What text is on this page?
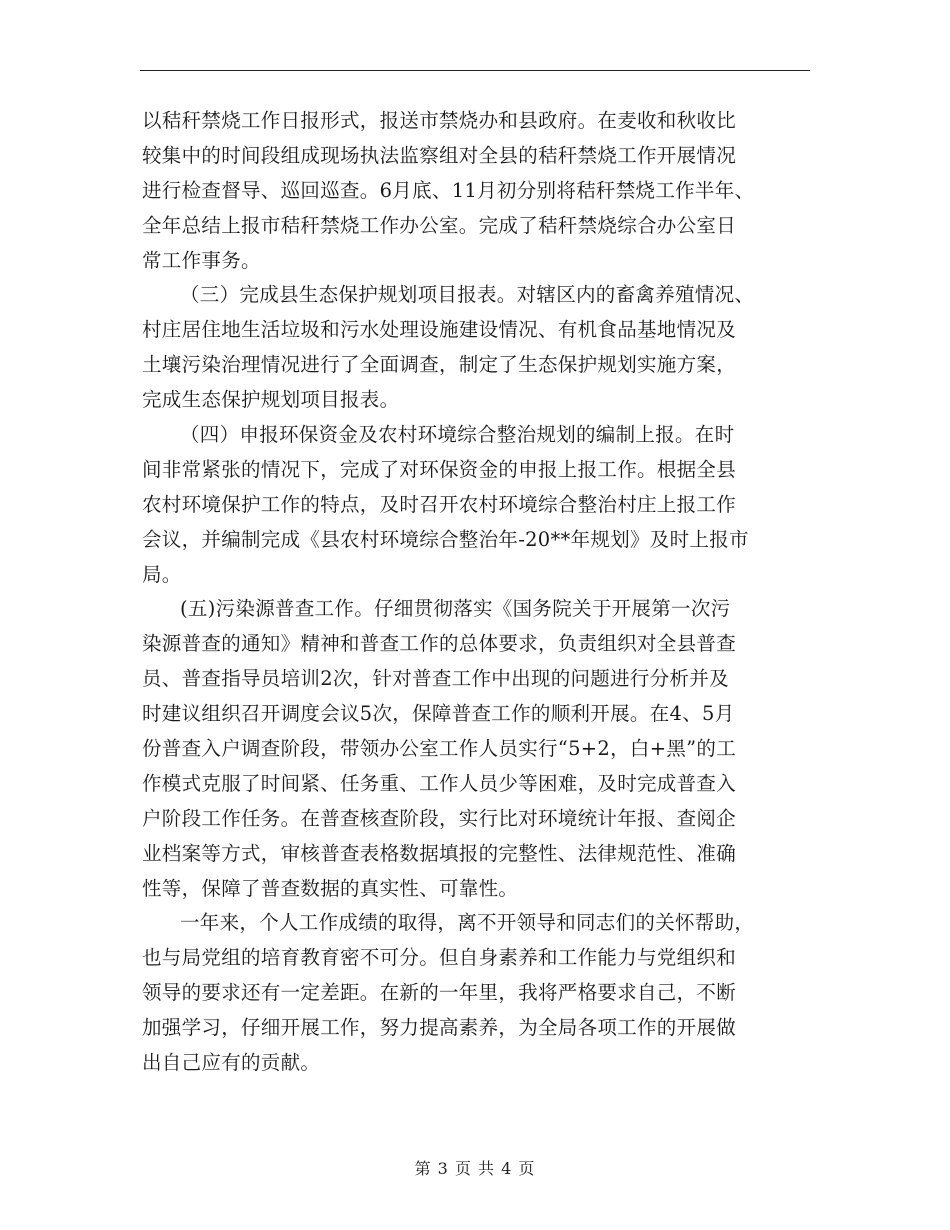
以秸秆禁烧工作日报形式，报送市禁烧办和县政府。在麦收和秋收比
较集中的时间段组成现场执法监察组对全县的秸秆禁烧工作开展情况
进行检查督导、巡回巡查。6月底、11月初分别将秸秆禁烧工作半年、
全年总结上报市秸秆禁烧工作办公室。完成了秸秆禁烧综合办公室日
常工作事务。
（三）完成县生态保护规划项目报表。对辖区内的畜禽养殖情况、
村庄居住地生活垃圾和污水处理设施建设情况、有机食品基地情况及
土壤污染治理情况进行了全面调查，制定了生态保护规划实施方案，
完成生态保护规划项目报表。
（四）申报环保资金及农村环境综合整治规划的编制上报。在时
间非常紧张的情况下，完成了对环保资金的申报上报工作。根据全县
农村环境保护工作的特点，及时召开农村环境综合整治村庄上报工作
会议，并编制完成《县农村环境综合整治年-20**年规划》及时上报市
局。
(五)污染源普查工作。仔细贯彻落实《国务院关于开展第一次污
染源普查的通知》精神和普查工作的总体要求，负责组织对全县普查
员、普查指导员培训2次，针对普查工作中出现的问题进行分析并及
时建议组织召开调度会议5次，保障普查工作的顺利开展。在4、5月
份普查入户调查阶段，带领办公室工作人员实行“5+2，白+黑”的工
作模式克服了时间紧、任务重、工作人员少等困难，及时完成普查入
户阶段工作任务。在普查核查阶段，实行比对环境统计年报、查阅企
业档案等方式，审核普查表格数据填报的完整性、法律规范性、准确
性等，保障了普查数据的真实性、可靠性。
一年来，个人工作成绩的取得，离不开领导和同志们的关怀帮助，
也与局党组的培育教育密不可分。但自身素养和工作能力与党组织和
领导的要求还有一定差距。在新的一年里，我将严格要求自己，不断
加强学习，仔细开展工作，努力提高素养，为全局各项工作的开展做
出自己应有的贡献。
第 3 页 共 4 页
